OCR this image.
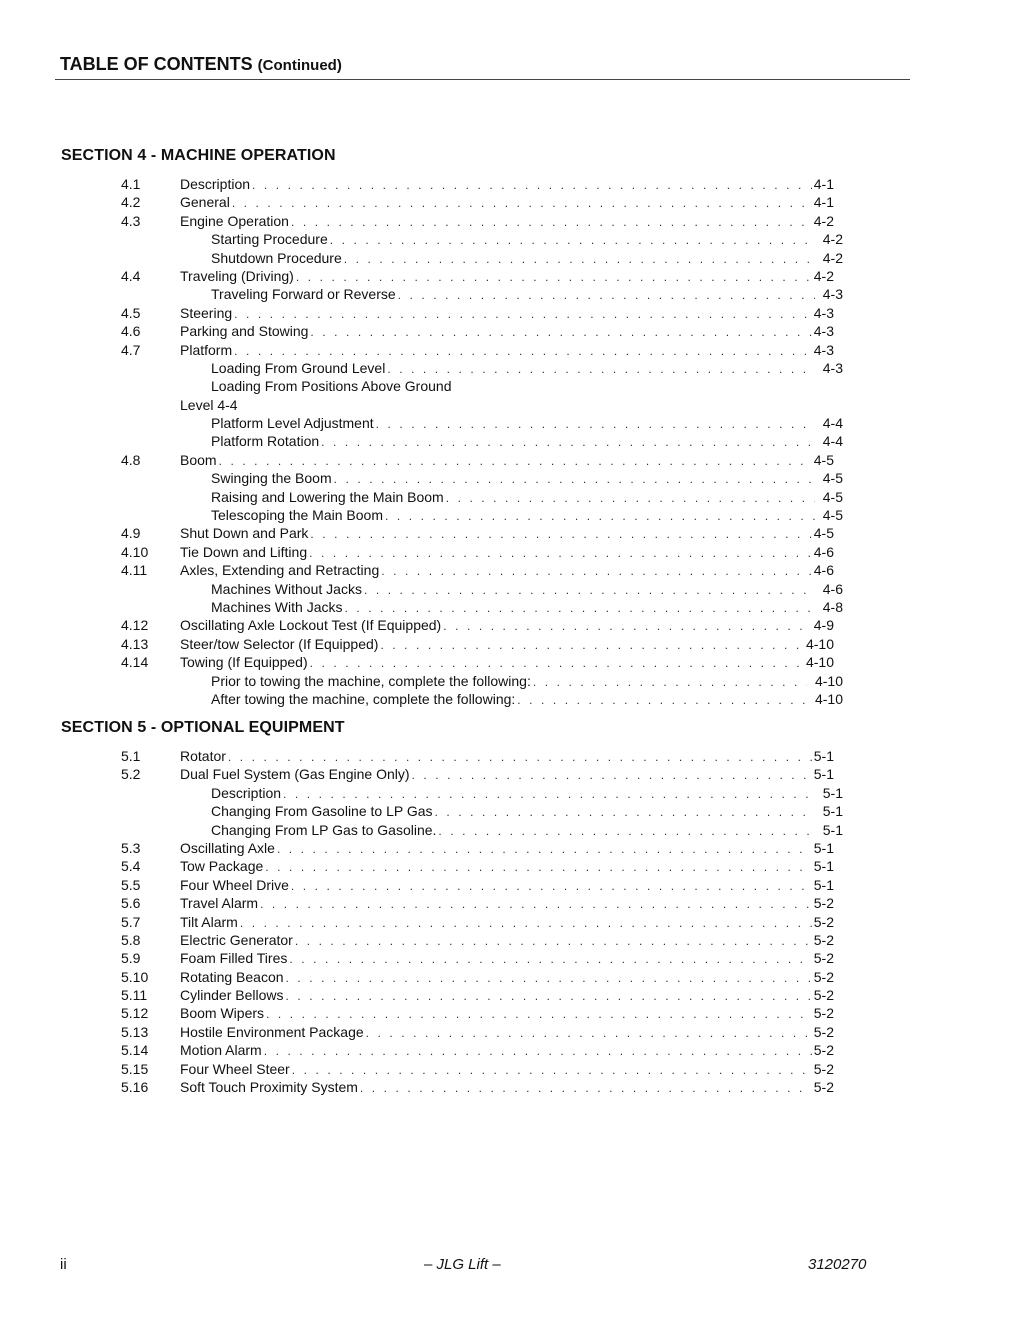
TABLE OF CONTENTS (Continued)
SECTION 4 - MACHINE OPERATION
4.1	Description . . .	4-1
4.2	General . . .	4-1
4.3	Engine Operation . . .	4-2
Starting Procedure . . .	4-2
Shutdown Procedure . . .	4-2
4.4	Traveling (Driving) . . .	4-2
Traveling Forward or Reverse . . .	4-3
4.5	Steering . . .	4-3
4.6	Parking and Stowing . . .	4-3
4.7	Platform . . .	4-3
Loading From Ground Level . . .	4-3
Loading From Positions Above Ground
Level 4-4
Platform Level Adjustment . . .	4-4
Platform Rotation . . .	4-4
4.8	Boom . . .	4-5
Swinging the Boom . . .	4-5
Raising and Lowering the Main Boom . . .	4-5
Telescoping the Main Boom . . .	4-5
4.9	Shut Down and Park . . .	4-5
4.10 Tie Down and Lifting . . .	4-6
4.11 Axles, Extending and Retracting . . .	4-6
Machines Without Jacks . . .	4-6
Machines With Jacks . . .	4-8
4.12 Oscillating Axle Lockout Test (If Equipped) . . .	4-9
4.13 Steer/tow Selector (If Equipped) . . .	4-10
4.14 Towing (If Equipped) . . .	4-10
Prior to towing the machine, complete the following: . . .	4-10
After towing the machine, complete the following: . . .	4-10
SECTION 5 - OPTIONAL EQUIPMENT
5.1	Rotator . . .	5-1
5.2	Dual Fuel System (Gas Engine Only) . . .	5-1
Description . . .	5-1
Changing From Gasoline to LP Gas . . .	5-1
Changing From LP Gas to Gasoline. . . .	5-1
5.3	Oscillating Axle . . .	5-1
5.4	Tow Package . . .	5-1
5.5	Four Wheel Drive . . .	5-1
5.6	Travel Alarm . . .	5-2
5.7	Tilt Alarm . . .	5-2
5.8	Electric Generator . . .	5-2
5.9	Foam Filled Tires . . .	5-2
5.10 Rotating Beacon . . .	5-2
5.11 Cylinder Bellows . . .	5-2
5.12 Boom Wipers . . .	5-2
5.13 Hostile Environment Package . . .	5-2
5.14 Motion Alarm . . .	5-2
5.15 Four Wheel Steer . . .	5-2
5.16 Soft Touch Proximity System . . .	5-2
ii	– JLG Lift –	3120270
